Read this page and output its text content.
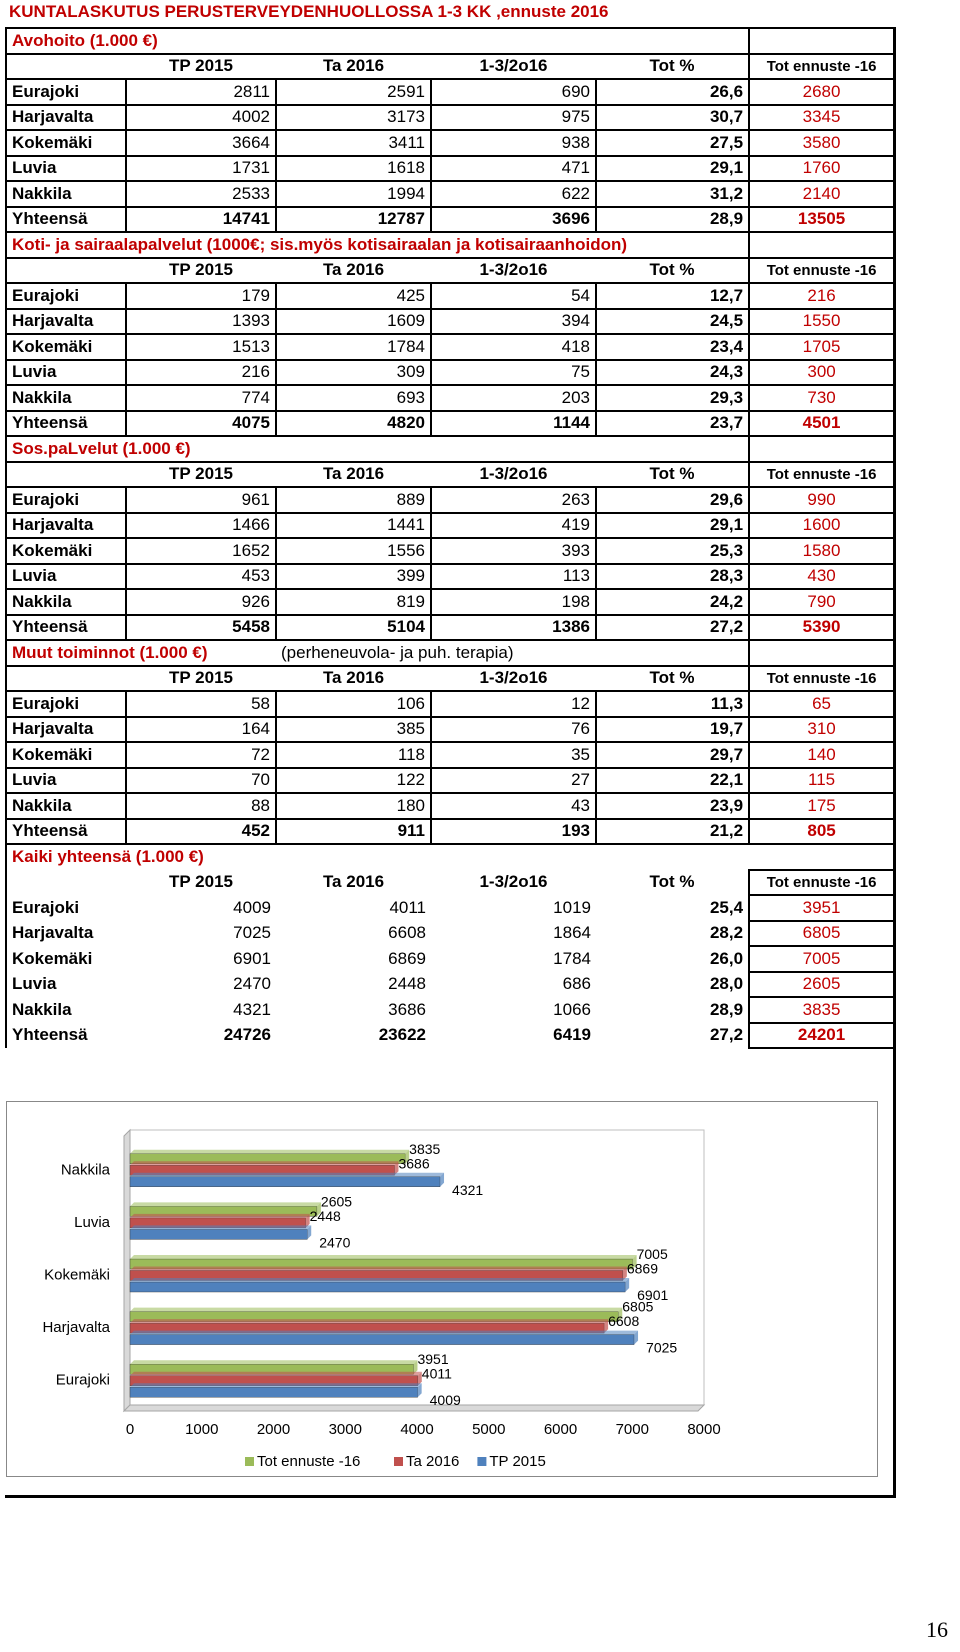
KUNTALASKUTUS PERUSTERVEYDENHUOLLOSSA 1-3 KK ,ennuste 2016
Avohoito (1.000 €)					
	TP 2015	Ta 2016	1-3/2o16	Tot %	Tot ennuste -16
Eurajoki	2811	2591	690	26,6	2680
Harjavalta	4002	3173	975	30,7	3345
Kokemäki	3664	3411	938	27,5	3580
Luvia	1731	1618	471	29,1	1760
Nakkila	2533	1994	622	31,2	2140
Yhteensä	14741	12787	3696	28,9	13505
Koti- ja sairaalapalvelut (1000€; sis.myös kotisairaalan ja kotisairaanhoidon)					
	TP 2015	Ta 2016	1-3/2o16	Tot %	Tot ennuste -16
Eurajoki	179	425	54	12,7	216
Harjavalta	1393	1609	394	24,5	1550
Kokemäki	1513	1784	418	23,4	1705
Luvia	216	309	75	24,3	300
Nakkila	774	693	203	29,3	730
Yhteensä	4075	4820	1144	23,7	4501
Sos.paLvelut (1.000 €)					
	TP 2015	Ta 2016	1-3/2o16	Tot %	Tot ennuste -16
Eurajoki	961	889	263	29,6	990
Harjavalta	1466	1441	419	29,1	1600
Kokemäki	1652	1556	393	25,3	1580
Luvia	453	399	113	28,3	430
Nakkila	926	819	198	24,2	790
Yhteensä	5458	5104	1386	27,2	5390
Muut toiminnot (1.000 €)		(perheneuvola- ja puh. terapia)			
	TP 2015	Ta 2016	1-3/2o16	Tot %	Tot ennuste -16
Eurajoki	58	106	12	11,3	65
Harjavalta	164	385	76	19,7	310
Kokemäki	72	118	35	29,7	140
Luvia	70	122	27	22,1	115
Nakkila	88	180	43	23,9	175
Yhteensä	452	911	193	21,2	805
Kaiki yhteensä (1.000 €)					
	TP 2015	Ta 2016	1-3/2o16	Tot %	Tot ennuste -16
Eurajoki	4009	4011	1019	25,4	3951
Harjavalta	7025	6608	1864	28,2	6805
Kokemäki	6901	6869	1784	26,0	7005
Luvia	2470	2448	686	28,0	2605
Nakkila	4321	3686	1066	28,9	3835
Yhteensä	24726	23622	6419	27,2	24201
Eurajoki
3951
4011
4009
Harjavalta
6805
6608
7025
Kokemäki
7005
6869
6901
Luvia
2605
2448
2470
Nakkila
3835
3686
4321
0	1000	2000	3000	4000	5000	6000	7000	8000
Tot ennuste -16	Ta 2016 TP 2015
16
